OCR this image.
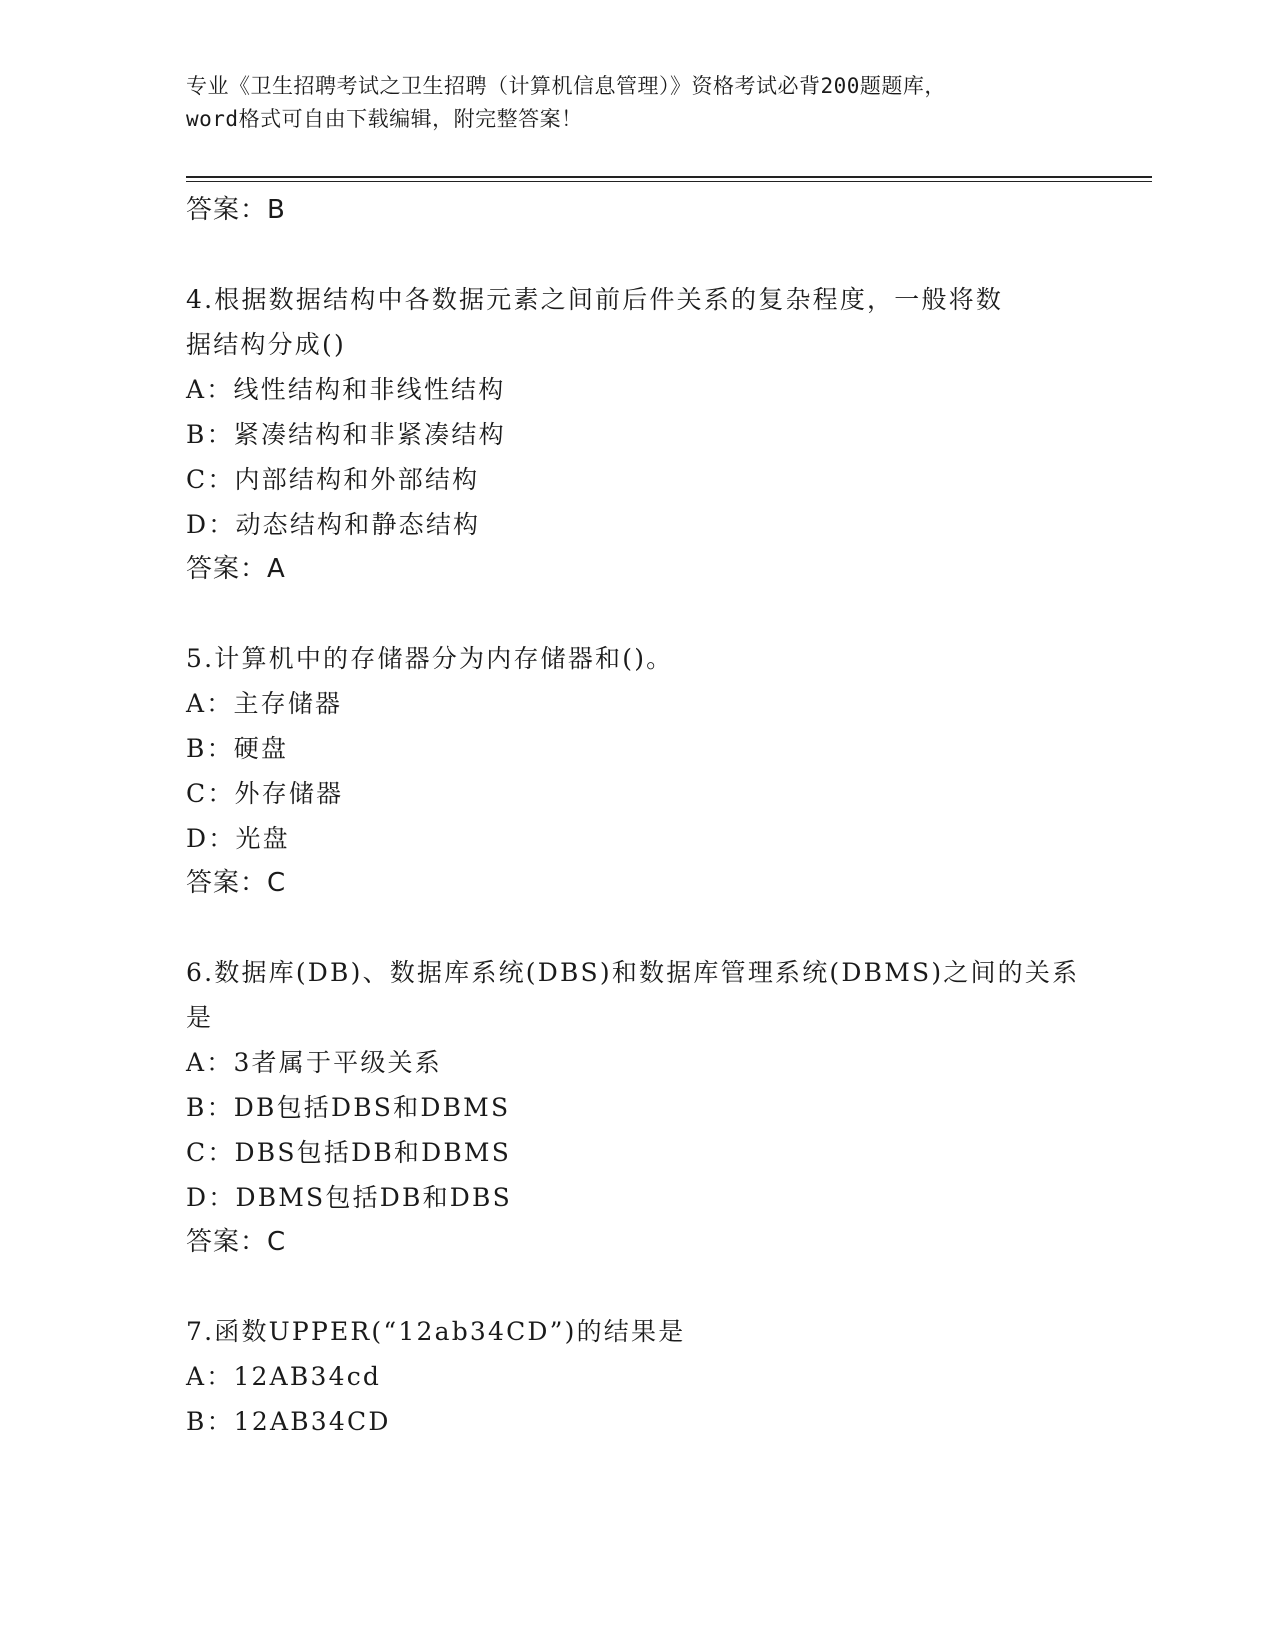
专业《卫生招聘考试之卫生招聘（计算机信息管理）》资格考试必背200题题库，
word格式可自由下载编辑，附完整答案！
答案：B
4.根据数据结构中各数据元素之间前后件关系的复杂程度，一般将数
据结构分成()
A：线性结构和非线性结构
B：紧凑结构和非紧凑结构
C：内部结构和外部结构
D：动态结构和静态结构
答案：A
5.计算机中的存储器分为内存储器和()。
A：主存储器
B：硬盘
C：外存储器
D：光盘
答案：C
6.数据库(DB)、数据库系统(DBS)和数据库管理系统(DBMS)之间的关系
是
A：3者属于平级关系
B：DB包括DBS和DBMS
C：DBS包括DB和DBMS
D：DBMS包括DB和DBS
答案：C
7.函数UPPER(“12ab34CD”)的结果是
A：12AB34cd
B：12AB34CD
